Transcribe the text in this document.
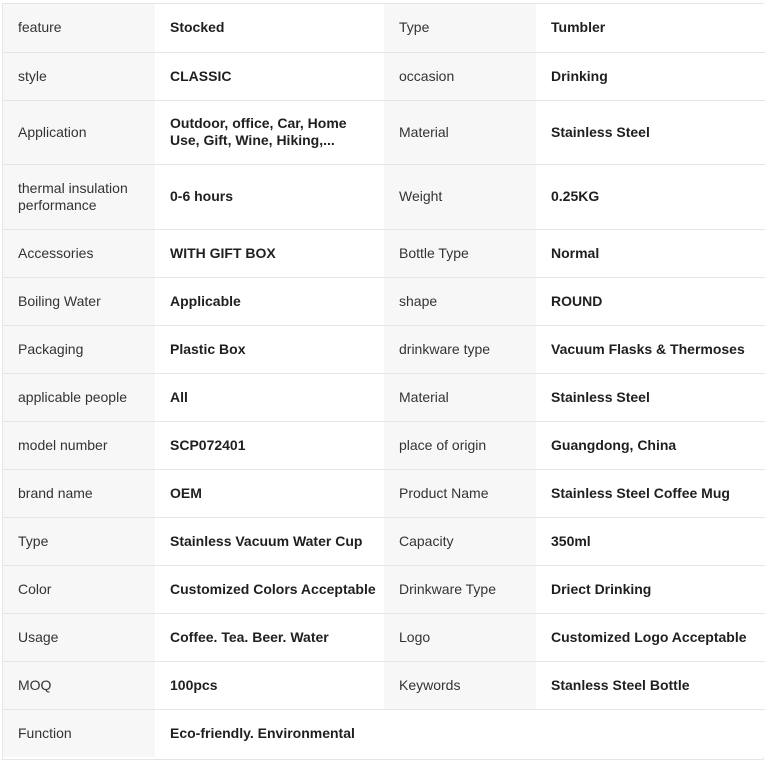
feature	Stocked	Type	Tumbler
style	CLASSIC	occasion	Drinking
Application	Outdoor, office, Car, Home Use, Gift, Wine, Hiking,...	Material	Stainless Steel
thermal insulation performance	0-6 hours	Weight	0.25KG
Accessories	WITH GIFT BOX	Bottle Type	Normal
Boiling Water	Applicable	shape	ROUND
Packaging	Plastic Box	drinkware type	Vacuum Flasks & Thermoses
applicable people	All	Material	Stainless Steel
model number	SCP072401	place of origin	Guangdong, China
brand name	OEM	Product Name	Stainless Steel Coffee Mug
Type	Stainless Vacuum Water Cup	Capacity	350ml
Color	Customized Colors Acceptable	Drinkware Type	Driect Drinking
Usage	Coffee. Tea. Beer. Water	Logo	Customized Logo Acceptable
MOQ	100pcs	Keywords	Stanless Steel Bottle
Function	Eco-friendly. Environmental		
